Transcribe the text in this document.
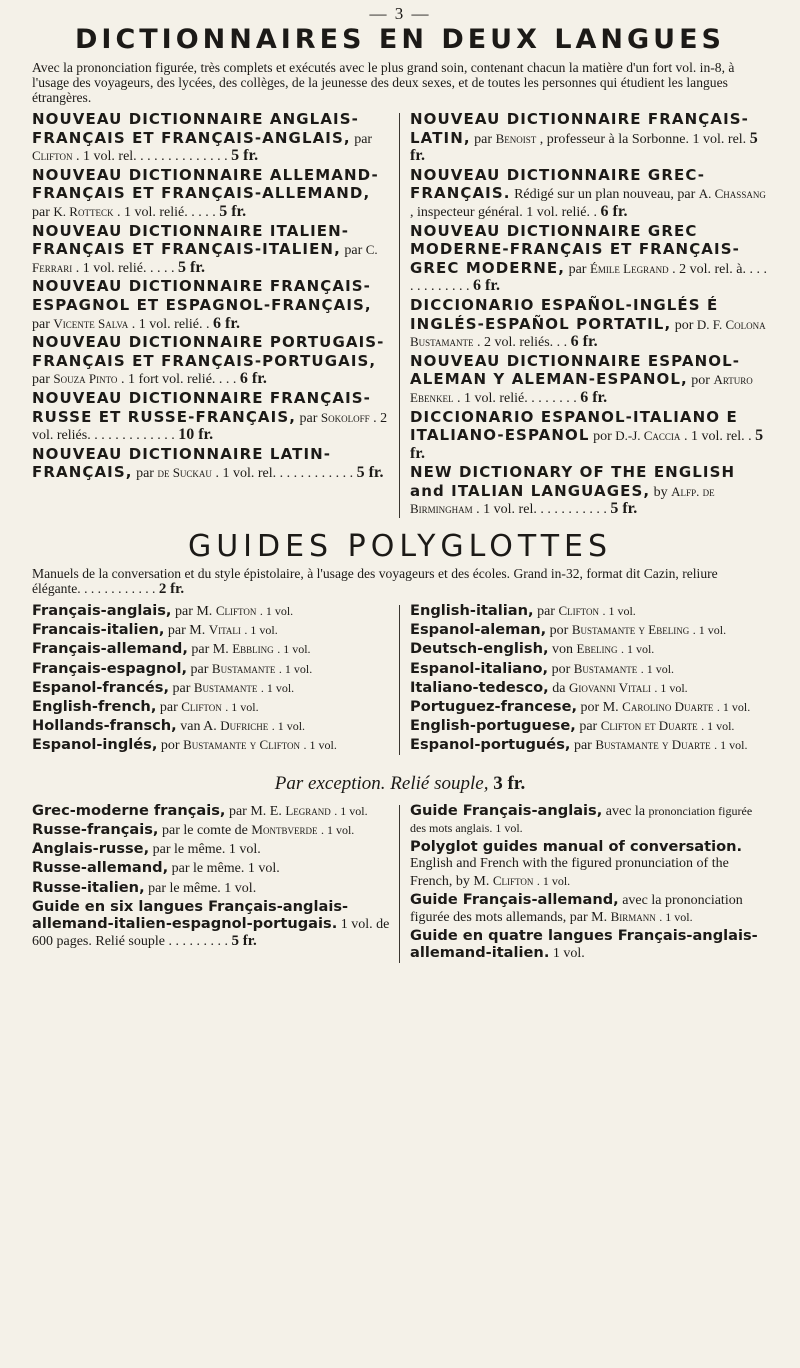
— 3 —
DICTIONNAIRES EN DEUX LANGUES
Avec la prononciation figurée, très complets et exécutés avec le plus grand soin, contenant chacun la matière d'un fort vol. in-8, à l'usage des voyageurs, des lycées, des collèges, de la jeunesse des deux sexes, et de toutes les personnes qui étudient les langues étrangères.

NOUVEAU DICTIONNAIRE ANGLAIS-FRANÇAIS ET FRANÇAIS-ANGLAIS, par Clifton . 1 vol. rel. . . . . . . . . . . . . . 5 fr.

NOUVEAU DICTIONNAIRE ALLEMAND-FRANÇAIS ET FRANÇAIS-ALLEMAND, par K. Rotteck . 1 vol. relié. . . . . 5 fr.

NOUVEAU DICTIONNAIRE ITALIEN-FRANÇAIS ET FRANÇAIS-ITALIEN, par C. Ferrari . 1 vol. relié. . . . . 5 fr.

NOUVEAU DICTIONNAIRE FRANÇAIS-ESPAGNOL ET ESPAGNOL-FRANÇAIS, par Vicente Salva . 1 vol. relié. . 6 fr.

NOUVEAU DICTIONNAIRE PORTUGAIS-FRANÇAIS ET FRANÇAIS-PORTUGAIS, par Souza Pinto . 1 fort vol. relié. . . . 6 fr.

NOUVEAU DICTIONNAIRE FRANÇAIS-RUSSE ET RUSSE-FRANÇAIS, par Sokoloff . 2 vol. reliés. . . . . . . . . . . . . 10 fr.

NOUVEAU DICTIONNAIRE LATIN-FRANÇAIS, par de Suckau . 1 vol. rel. . . . . . . . . . . . 5 fr.

NOUVEAU DICTIONNAIRE FRANÇAIS-LATIN, par Benoist , professeur à la Sorbonne. 1 vol. rel. 5 fr.

NOUVEAU DICTIONNAIRE GREC-FRANÇAIS. Rédigé sur un plan nouveau, par A. Chassang , inspecteur général. 1 vol. relié. . 6 fr.

NOUVEAU DICTIONNAIRE GREC MODERNE-FRANÇAIS ET FRANÇAIS-GREC MODERNE, par Émile Legrand . 2 vol. rel. à. . . . . . . . . . . . . 6 fr.

DICCIONARIO ESPAÑOL-INGLÉS É INGLÉS-ESPAÑOL PORTATIL, por D. F. Colona Bustamante . 2 vol. reliés. . . 6 fr.

NOUVEAU DICTIONNAIRE ESPANOL-ALEMAN Y ALEMAN-ESPANOL, por Arturo Ebenkel . 1 vol. relié. . . . . . . . 6 fr.

DICCIONARIO ESPANOL-ITALIANO E ITALIANO-ESPANOL por D.-J. Caccia . 1 vol. rel. . 5 fr.

NEW DICTIONARY OF THE ENGLISH and ITALIAN LANGUAGES, by Alfp. de Birmingham . 1 vol. rel. . . . . . . . . . . 5 fr.

GUIDES POLYGLOTTES
Manuels de la conversation et du style épistolaire, à l'usage des voyageurs et des écoles. Grand in-32, format dit Cazin, reliure élégante. . . . . . . . . . . . 2 fr.

Français-anglais, par M. Clifton . 1 vol.

Francais-italien, par M. Vitali . 1 vol.

Français-allemand, par M. Ebbling . 1 vol.

Français-espagnol, par Bustamante . 1 vol.

Espanol-francés, par Bustamante . 1 vol.

English-french, par Clifton . 1 vol.

Hollands-fransch, van A. Dufriche . 1 vol.

Espanol-inglés, por Bustamante y Clifton . 1 vol.

English-italian, par Clifton . 1 vol.

Espanol-aleman, por Bustamante y Ebeling . 1 vol.

Deutsch-english, von Ebeling . 1 vol.

Espanol-italiano, por Bustamante . 1 vol.

Italiano-tedesco, da Giovanni Vitali . 1 vol.

Portuguez-francese, por M. Carolino Duarte . 1 vol.

English-portuguese, par Clifton et Duarte . 1 vol.

Espanol-portugués, par Bustamante y Duarte . 1 vol.

Par exception. Relié souple, 3 fr.

Grec-moderne français, par M. E. Legrand . 1 vol.

Russe-français, par le comte de Montbverde . 1 vol.

Anglais-russe, par le même. 1 vol.

Russe-allemand, par le même. 1 vol.

Russe-italien, par le même. 1 vol.

Guide en six langues Français-anglais-allemand-italien-espagnol-portugais. 1 vol. de 600 pages. Relié souple . . . . . . . . . 5 fr.

Guide Français-anglais, avec la prononciation figurée des mots anglais. 1 vol.

Polyglot guides manual of conversation. English and French with the figured pronunciation of the French, by M. Clifton . 1 vol.

Guide Français-allemand, avec la prononciation figurée des mots allemands, par M. Birmann . 1 vol.

Guide en quatre langues Français-anglais-allemand-italien. 1 vol.
